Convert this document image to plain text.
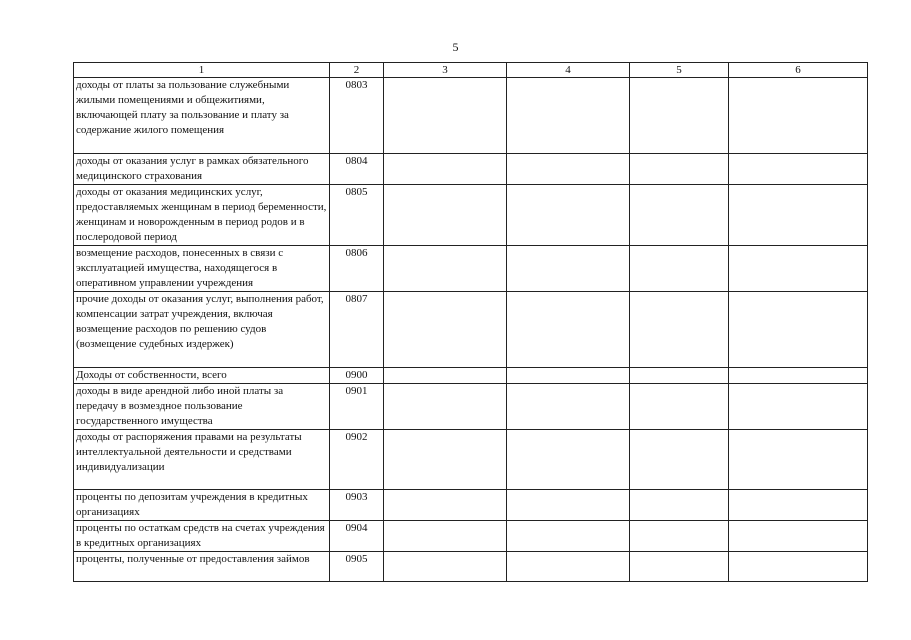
5
1	2	3	4	5	6
доходы от платы за пользование служебными жилыми помещениями и общежитиями, включающей плату за пользование и плату за содержание жилого помещения	0803				
доходы от оказания услуг в рамках обязательного медицинского страхования	0804				
доходы от оказания медицинских услуг, предоставляемых женщинам в период беременности, женщинам и новорожденным в период родов и в послеродовой период	0805				
возмещение расходов, понесенных в связи с эксплуатацией имущества, находящегося в оперативном управлении учреждения	0806				
прочие доходы от оказания услуг, выполнения работ, компенсации затрат учреждения, включая возмещение расходов по решению судов (возмещение судебных издержек)	0807				
Доходы от собственности, всего	0900				
доходы в виде арендной либо иной платы за передачу в возмездное пользование государственного имущества	0901				
доходы от распоряжения правами на результаты интеллектуальной деятельности и средствами индивидуализации	0902				
проценты по депозитам учреждения в кредитных организациях	0903				
проценты по остаткам средств на счетах учреждения в кредитных организациях	0904				
проценты, полученные от предоставления займов	0905				
